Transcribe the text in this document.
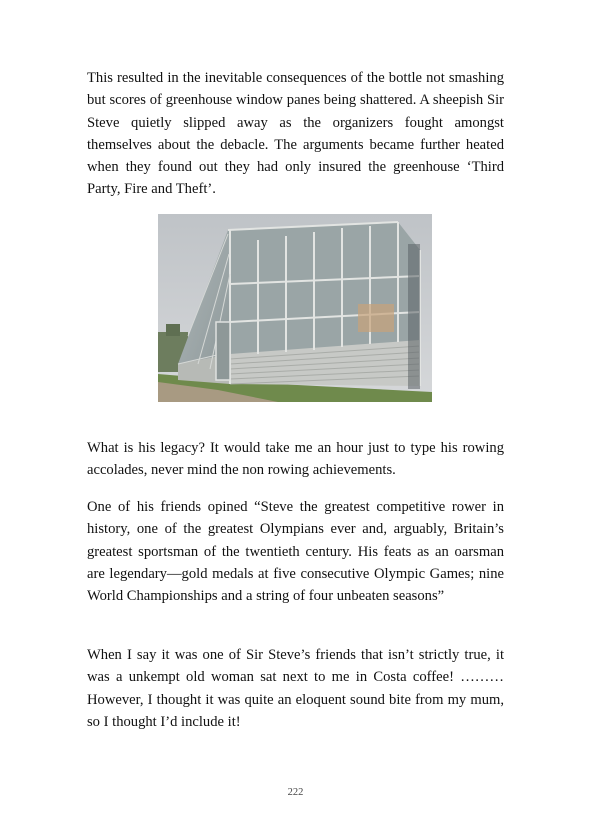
This resulted in the inevitable consequences of the bottle not smashing but scores of greenhouse window panes being shattered. A sheepish Sir Steve quietly slipped away as the organizers fought amongst themselves about the debacle. The arguments became further heated when they found out they had only insured the greenhouse ‘Third Party, Fire and Theft’.

What is his legacy? It would take me an hour just to type his rowing accolades, never mind the non rowing achievements.

One of his friends opined “Steve the greatest competitive rower in history, one of the greatest Olympians ever and, arguably, Britain’s greatest sportsman of the twentieth century. His feats as an oarsman are legendary—gold medals at five consecutive Olympic Games; nine World Championships and a string of four unbeaten seasons”

When I say it was one of Sir Steve’s friends that isn’t strictly true, it was a unkempt old woman sat next to me in Costa coffee! ……… However, I thought it was quite an eloquent sound bite from my mum, so I thought I’d include it!

222
